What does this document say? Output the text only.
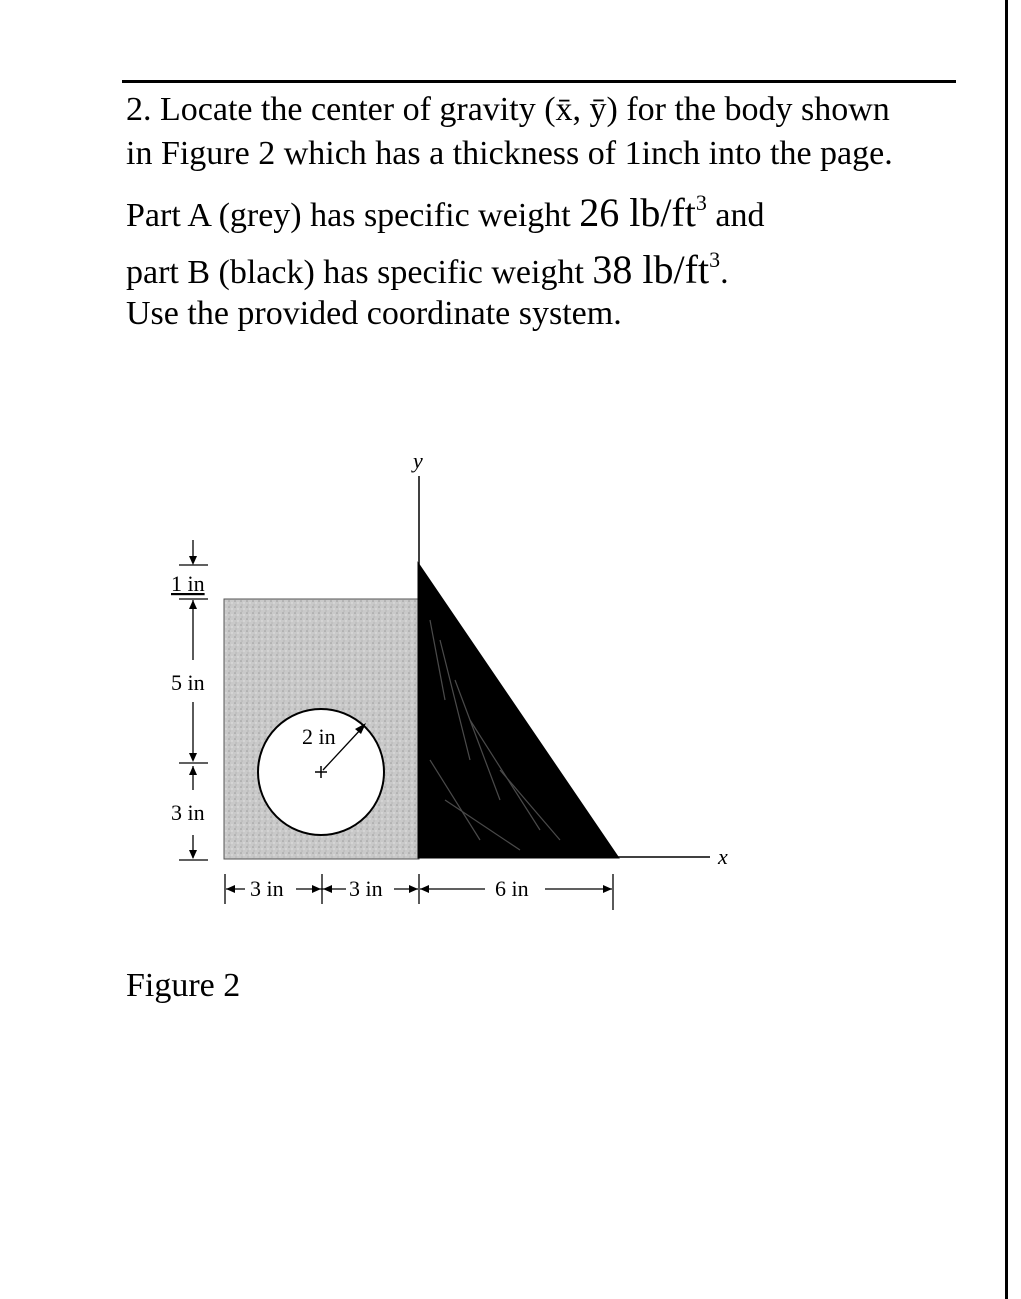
2. Locate the center of gravity (x̄, ȳ) for the body shown in Figure 2 which has a thickness of 1inch into the page.

Part A (grey) has specific weight 26 $lb/ft^3$ and

part B (black) has specific weight 38 $lb/ft^3$.

Use the provided coordinate system.

2 in
y
x
1 in
5 in
3 in
3 in	3 in	6 in
Figure 2
